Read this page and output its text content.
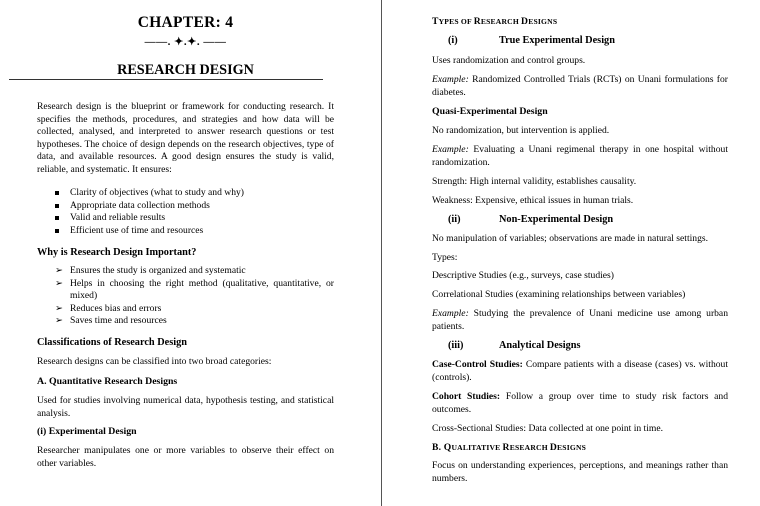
CHAPTER: 4
——. ✦.✦. ——
RESEARCH DESIGN

Research design is the blueprint or framework for conducting research. It specifies the methods, procedures, and strategies and how data will be collected, analysed, and interpreted to answer research questions or test hypotheses. The choice of design depends on the research objectives, type of data, and available resources. A good design ensures the study is valid, reliable, and systematic. It ensures:

Clarity of objectives (what to study and why)
Appropriate data collection methods
Valid and reliable results
Efficient use of time and resources
Why is Research Design Important?
➢ Ensures the study is organized and systematic
➢ Helps in choosing the right method (qualitative, quantitative, or mixed)
➢ Reduces bias and errors
➢ Saves time and resources
Classifications of Research Design

Research designs can be classified into two broad categories:

A. Quantitative Research Designs

Used for studies involving numerical data, hypothesis testing, and statistical analysis.

(i) Experimental Design

Researcher manipulates one or more variables to observe their effect on other variables.

TYPES OF RESEARCH DESIGNS
(i)	True Experimental Design

Uses randomization and control groups.

Example: Randomized Controlled Trials (RCTs) on Unani formulations for diabetes.

Quasi-Experimental Design

No randomization, but intervention is applied.

Example: Evaluating a Unani regimenal therapy in one hospital without randomization.

Strength: High internal validity, establishes causality.

Weakness: Expensive, ethical issues in human trials.

(ii)	Non-Experimental Design

No manipulation of variables; observations are made in natural settings.

Types:

Descriptive Studies (e.g., surveys, case studies)

Correlational Studies (examining relationships between variables)

Example: Studying the prevalence of Unani medicine use among urban patients.

(iii)	Analytical Designs

Case-Control Studies: Compare patients with a disease (cases) vs. without (controls).

Cohort Studies: Follow a group over time to study risk factors and outcomes.

Cross-Sectional Studies: Data collected at one point in time.

B. QUALITATIVE RESEARCH DESIGNS

Focus on understanding experiences, perceptions, and meanings rather than numbers.
